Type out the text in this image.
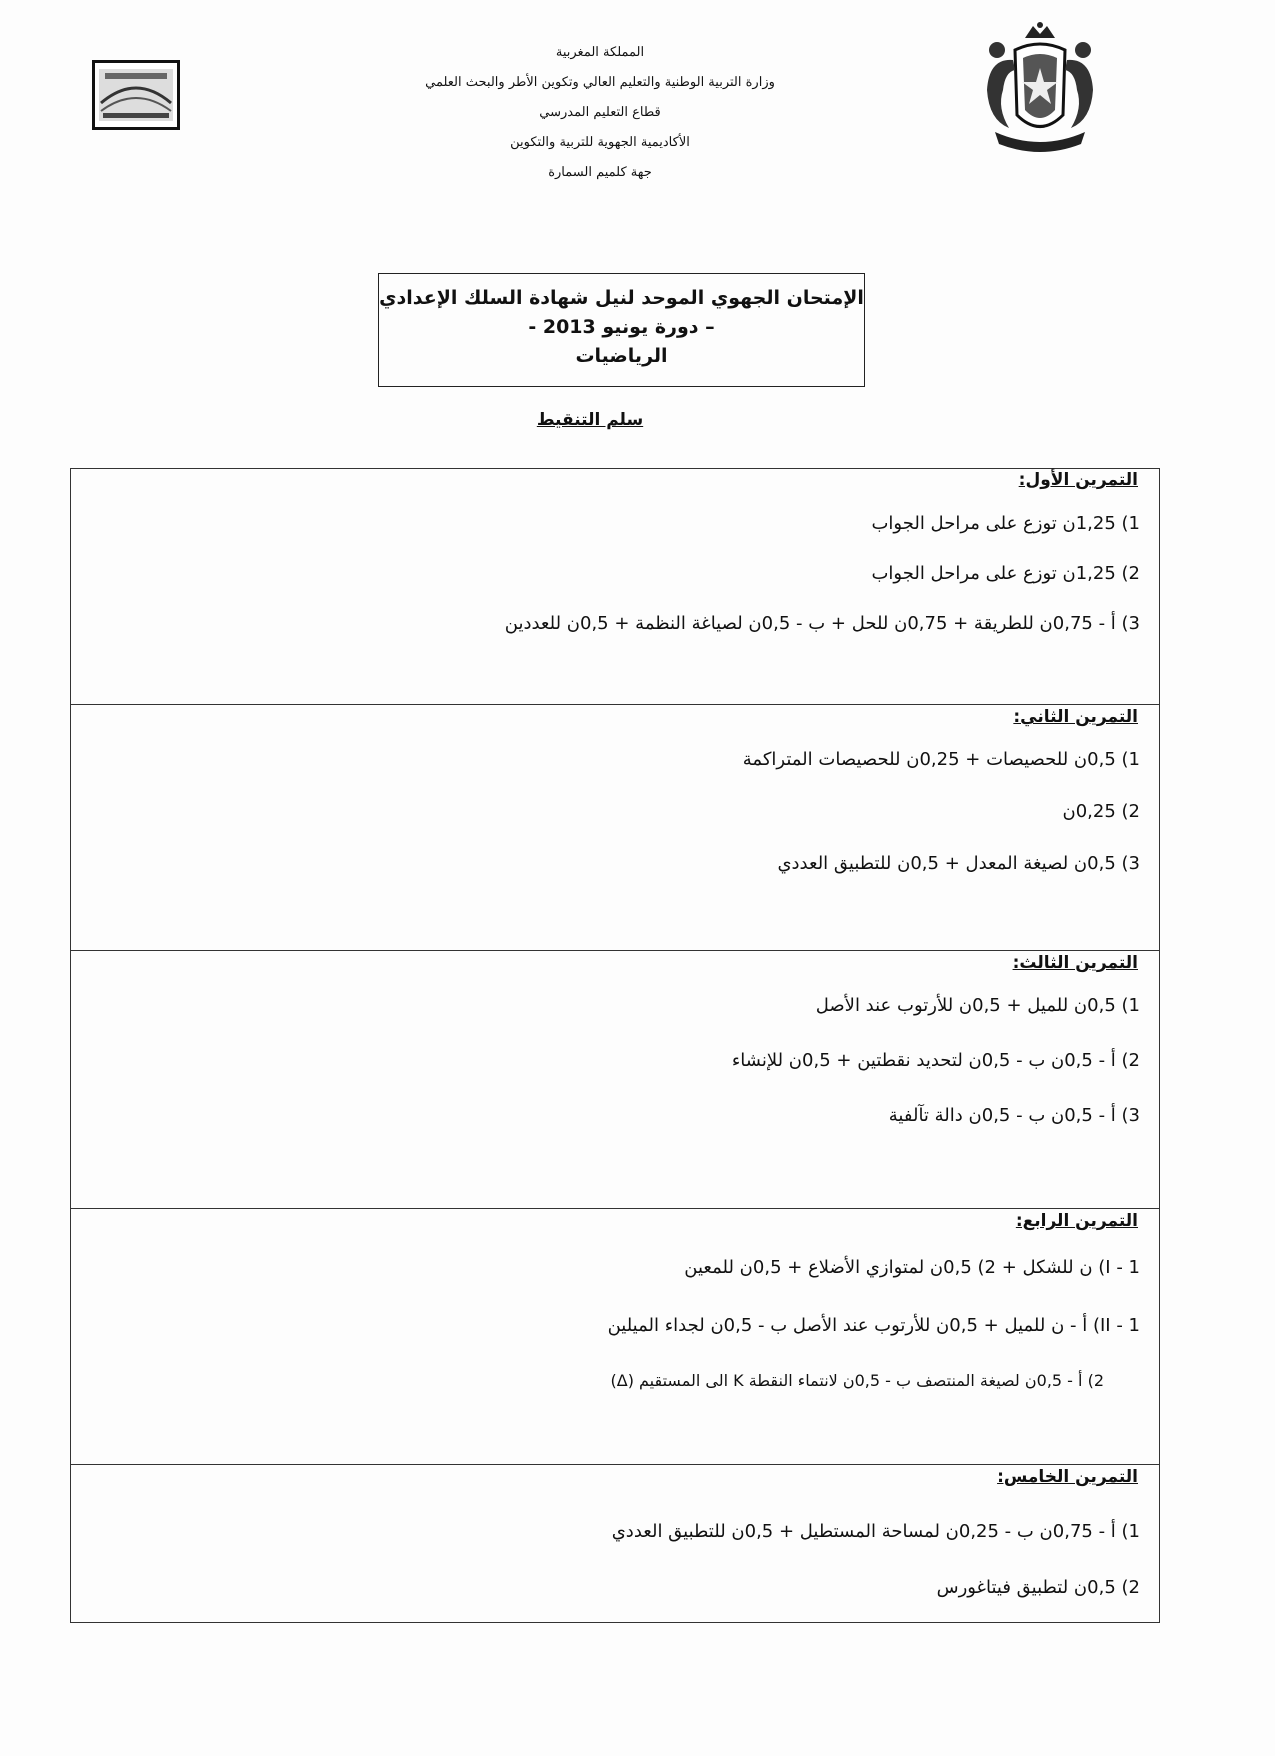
المملكة المغربية
وزارة التربية الوطنية والتعليم العالي وتكوين الأطر والبحث العلمي
قطاع التعليم المدرسي
الأكاديمية الجهوية للتربية والتكوين
جهة كلميم السمارة
الإمتحان الجهوي الموحد لنيل شهادة السلك الإعدادي
– دورة يونيو 2013 -
الرياضيات
سلم التنقيط
التمرين الأول:
1) 1,25ن توزع على مراحل الجواب
2) 1,25ن توزع على مراحل الجواب
3) أ - 0,75ن للطريقة + 0,75ن للحل + ب - 0,5ن لصياغة النظمة + 0,5ن للعددين
التمرين الثاني:
1) 0,5ن للحصيصات + 0,25ن للحصيصات المتراكمة
2) 0,25ن
3) 0,5ن لصيغة المعدل + 0,5ن للتطبيق العددي
التمرين الثالث:
1) 0,5ن للميل + 0,5ن للأرتوب عند الأصل
2) أ - 0,5ن ب - 0,5ن لتحديد نقطتين + 0,5ن للإنشاء
3) أ - 0,5ن ب - 0,5ن دالة تآلفية
التمرين الرابع:
I - 1) ن للشكل + 2) 0,5ن لمتوازي الأضلاع + 0,5ن للمعين
II - 1) أ - ن للميل + 0,5ن للأرتوب عند الأصل ب - 0,5ن لجداء الميلين
2) أ - 0,5ن لصيغة المنتصف ب - 0,5ن لانتماء النقطة K الى المستقيم (Δ)
التمرين الخامس:
1) أ - 0,75ن ب - 0,25ن لمساحة المستطيل + 0,5ن للتطبيق العددي
2) 0,5ن لتطبيق فيتاغورس
